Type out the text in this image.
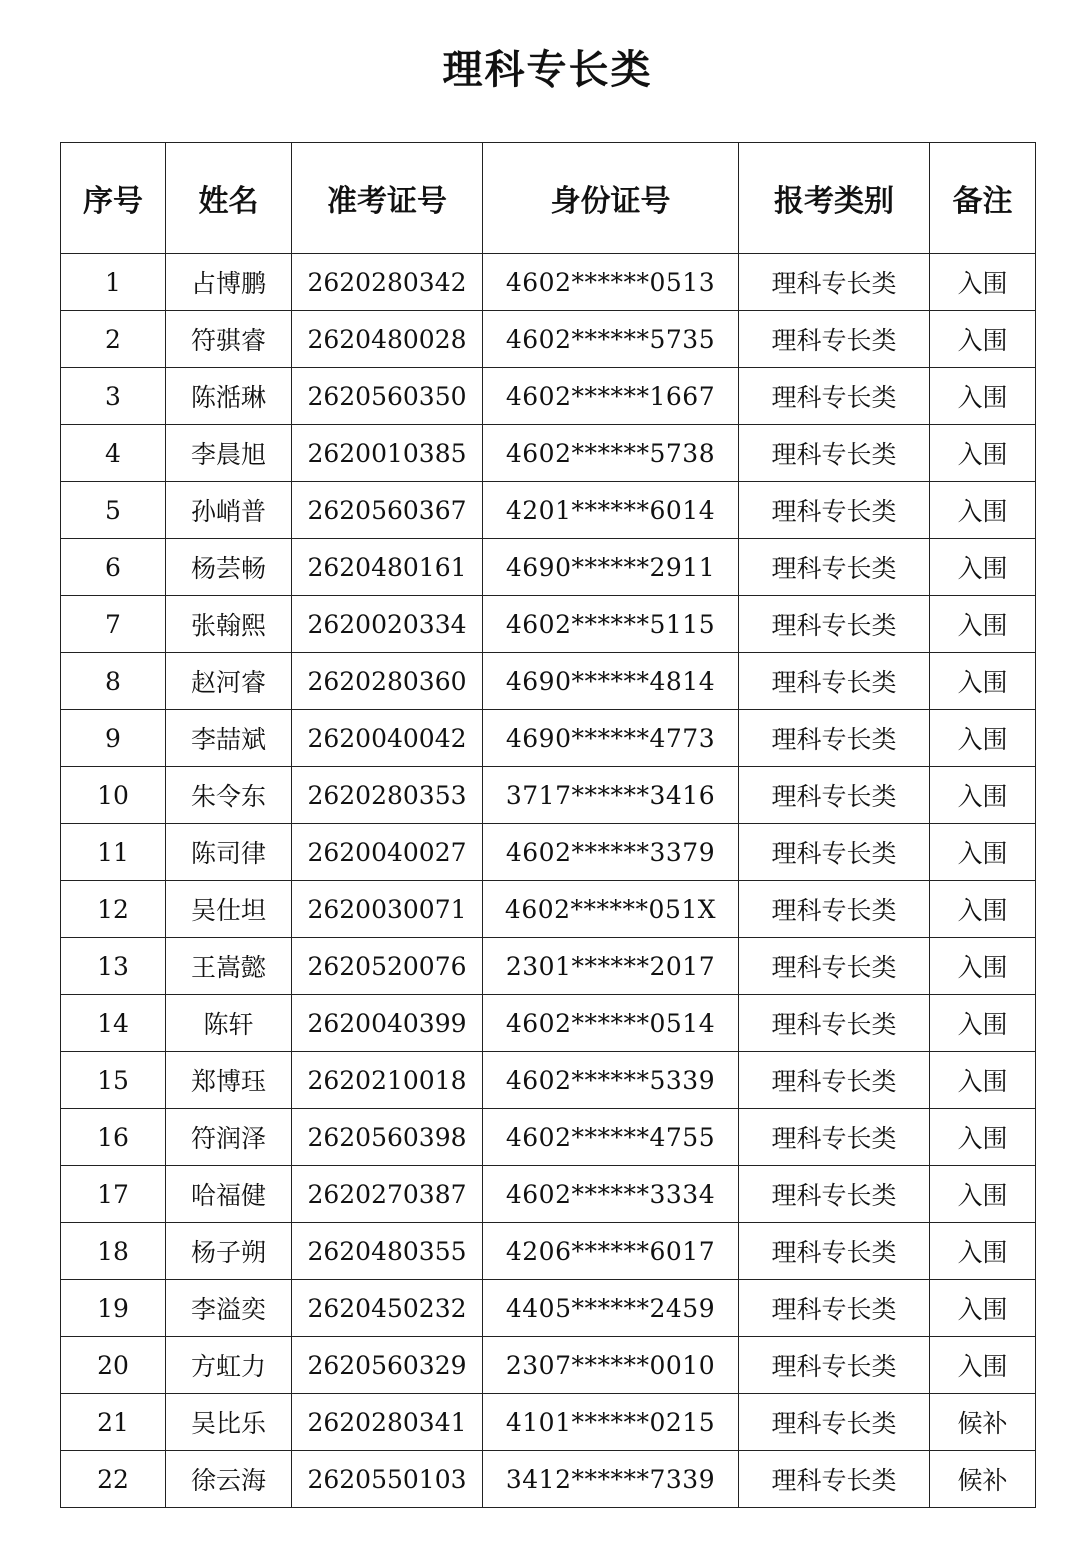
理科专长类
序号	姓名	准考证号	身份证号	报考类别	备注
1	占博鹏	2620280342	4602******0513	理科专长类	入围
2	符骐睿	2620480028	4602******5735	理科专长类	入围
3	陈湉琳	2620560350	4602******1667	理科专长类	入围
4	李晨旭	2620010385	4602******5738	理科专长类	入围
5	孙峭普	2620560367	4201******6014	理科专长类	入围
6	杨芸畅	2620480161	4690******2911	理科专长类	入围
7	张翰熙	2620020334	4602******5115	理科专长类	入围
8	赵河睿	2620280360	4690******4814	理科专长类	入围
9	李喆斌	2620040042	4690******4773	理科专长类	入围
10	朱令东	2620280353	3717******3416	理科专长类	入围
11	陈司律	2620040027	4602******3379	理科专长类	入围
12	吴仕坦	2620030071	4602******051X	理科专长类	入围
13	王嵩懿	2620520076	2301******2017	理科专长类	入围
14	陈轩	2620040399	4602******0514	理科专长类	入围
15	郑博珏	2620210018	4602******5339	理科专长类	入围
16	符润泽	2620560398	4602******4755	理科专长类	入围
17	哈福健	2620270387	4602******3334	理科专长类	入围
18	杨子朔	2620480355	4206******6017	理科专长类	入围
19	李溢奕	2620450232	4405******2459	理科专长类	入围
20	方虹力	2620560329	2307******0010	理科专长类	入围
21	吴比乐	2620280341	4101******0215	理科专长类	候补
22	徐云海	2620550103	3412******7339	理科专长类	候补
